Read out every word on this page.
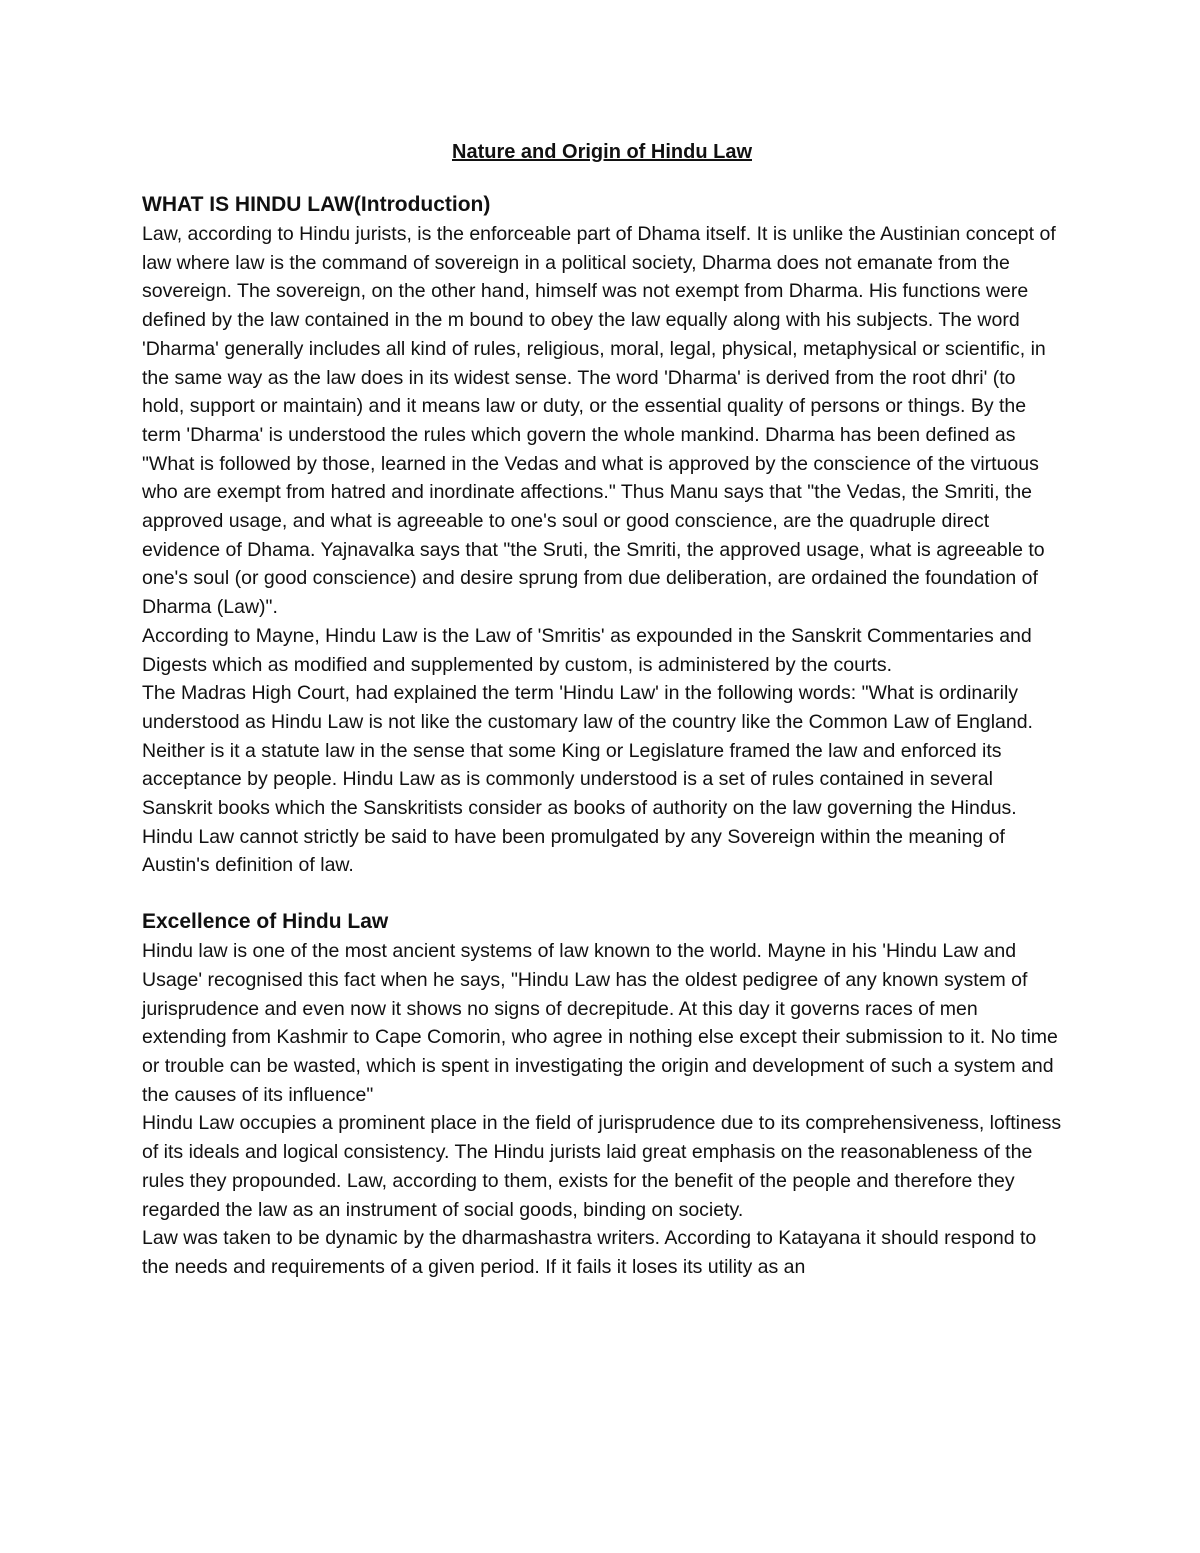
Nature and Origin of Hindu Law
WHAT IS HINDU LAW(Introduction)

Law, according to Hindu jurists, is the enforceable part of Dhama itself. It is unlike the Austinian concept of law where law is the command of sovereign in a political society, Dharma does not emanate from the sovereign. The sovereign, on the other hand, himself was not exempt from Dharma. His functions were defined by the law contained in the m bound to obey the law equally along with his subjects. The word 'Dharma' generally includes all kind of rules, religious, moral, legal, physical, metaphysical or scientific, in the same way as the law does in its widest sense. The word 'Dharma' is derived from the root dhri' (to hold, support or maintain) and it means law or duty, or the essential quality of persons or things. By the term 'Dharma' is understood the rules which govern the whole mankind. Dharma has been defined as "What is followed by those, learned in the Vedas and what is approved by the conscience of the virtuous who are exempt from hatred and inordinate affections." Thus Manu says that "the Vedas, the Smriti, the approved usage, and what is agreeable to one's soul or good conscience, are the quadruple direct evidence of Dhama. Yajnavalka says that "the Sruti, the Smriti, the approved usage, what is agreeable to one's soul (or good conscience) and desire sprung from due deliberation, are ordained the foundation of Dharma (Law)".

According to Mayne, Hindu Law is the Law of 'Smritis' as expounded in the Sanskrit Commentaries and Digests which as modified and supplemented by custom, is administered by the courts.

The Madras High Court, had explained the term 'Hindu Law' in the following words: "What is ordinarily understood as Hindu Law is not like the customary law of the country like the Common Law of England. Neither is it a statute law in the sense that some King or Legislature framed the law and enforced its acceptance by people. Hindu Law as is commonly understood is a set of rules contained in several Sanskrit books which the Sanskritists consider as books of authority on the law governing the Hindus.

Hindu Law cannot strictly be said to have been promulgated by any Sovereign within the meaning of Austin's definition of law.

Excellence of Hindu Law

Hindu law is one of the most ancient systems of law known to the world. Mayne in his 'Hindu Law and Usage' recognised this fact when he says, "Hindu Law has the oldest pedigree of any known system of jurisprudence and even now it shows no signs of decrepitude. At this day it governs races of men extending from Kashmir to Cape Comorin, who agree in nothing else except their submission to it. No time or trouble can be wasted, which is spent in investigating the origin and development of such a system and the causes of its influence"

Hindu Law occupies a prominent place in the field of jurisprudence due to its comprehensiveness, loftiness of its ideals and logical consistency. The Hindu jurists laid great emphasis on the reasonableness of the rules they propounded. Law, according to them, exists for the benefit of the people and therefore they regarded the law as an instrument of social goods, binding on society.

Law was taken to be dynamic by the dharmashastra writers. According to Katayana it should respond to the needs and requirements of a given period. If it fails it loses its utility as an
